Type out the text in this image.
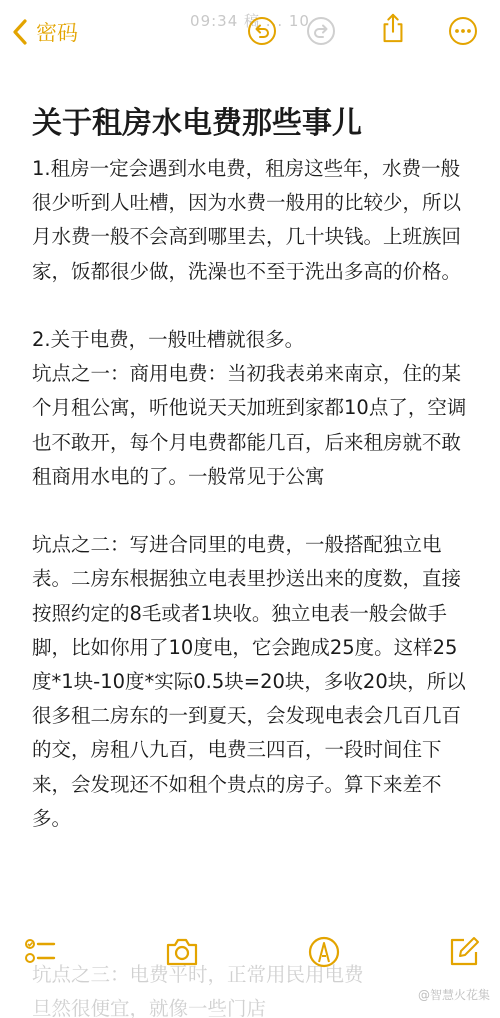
09:34 稿 ... 10
密码
关于租房水电费那些事儿

1.租房一定会遇到水电费，租房这些年，水费一般很少听到人吐槽，因为水费一般用的比较少，所以月水费一般不会高到哪里去，几十块钱。上班族回家，饭都很少做，洗澡也不至于洗出多高的价格。

2.关于电费，一般吐槽就很多。
坑点之一：商用电费：当初我表弟来南京，住的某个月租公寓，听他说天天加班到家都10点了，空调也不敢开，每个月电费都能几百，后来租房就不敢租商用水电的了。一般常见于公寓

坑点之二：写进合同里的电费，一般搭配独立电表。二房东根据独立电表里抄送出来的度数，直接按照约定的8毛或者1块收。独立电表一般会做手脚，比如你用了10度电，它会跑成25度。这样25度*1块-10度*实际0.5块=20块，多收20块，所以很多租二房东的一到夏天，会发现电表会几百几百的交，房租八九百，电费三四百，一段时间住下来，会发现还不如租个贵点的房子。算下来差不多。

坑点之三：电费平时，正常用民用电费
旦然很便宜，就像一些门店
@智慧火花集
